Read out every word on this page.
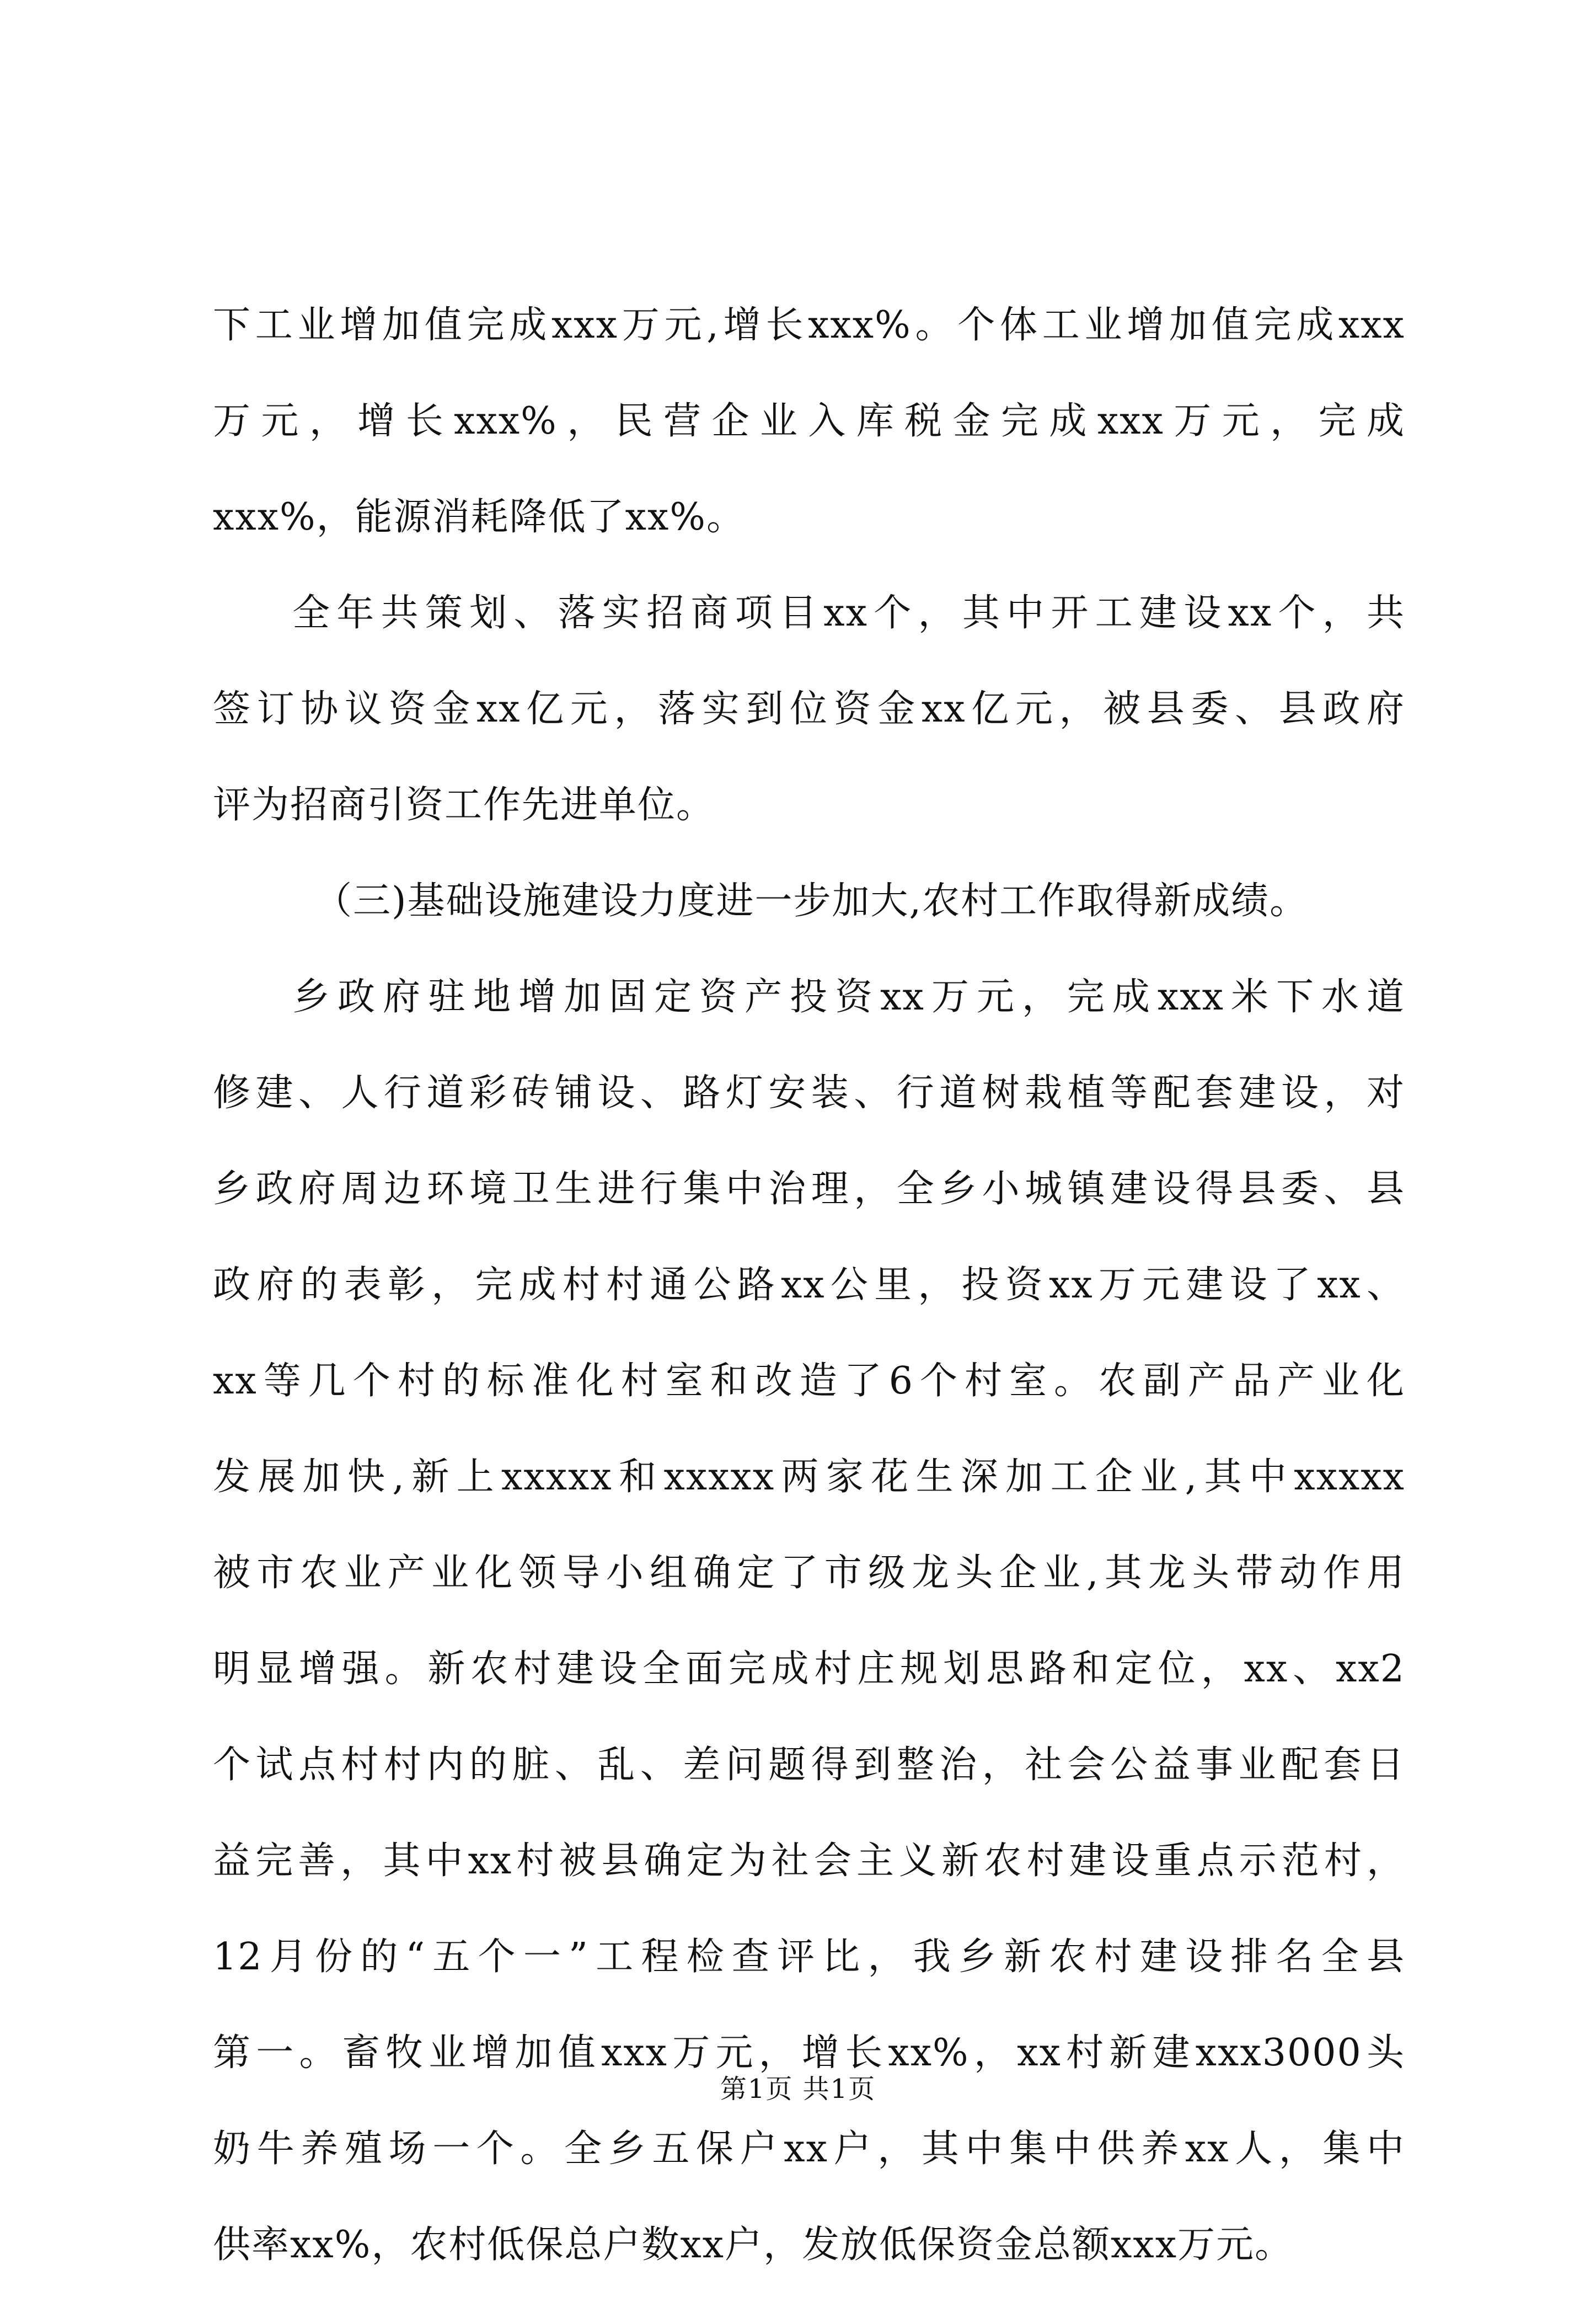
下工业增加值完成xxx万元,增长xxx%。个体工业增加值完成xxx
万元，增长xxx%，民营企业入库税金完成xxx万元，完成
xxx%，能源消耗降低了xx%。
全年共策划、落实招商项目xx个，其中开工建设xx个，共
签订协议资金xx亿元，落实到位资金xx亿元，被县委、县政府
评为招商引资工作先进单位。
（三)基础设施建设力度进一步加大,农村工作取得新成绩。
乡政府驻地增加固定资产投资xx万元，完成xxx米下水道
修建、人行道彩砖铺设、路灯安装、行道树栽植等配套建设，对
乡政府周边环境卫生进行集中治理，全乡小城镇建设得县委、县
政府的表彰，完成村村通公路xx公里，投资xx万元建设了xx、
xx等几个村的标准化村室和改造了6个村室。农副产品产业化
发展加快,新上xxxxx和xxxxx两家花生深加工企业,其中xxxxx
被市农业产业化领导小组确定了市级龙头企业,其龙头带动作用
明显增强。新农村建设全面完成村庄规划思路和定位，xx、xx2
个试点村村内的脏、乱、差问题得到整治，社会公益事业配套日
益完善，其中xx村被县确定为社会主义新农村建设重点示范村，
12月份的“五个一”工程检查评比，我乡新农村建设排名全县
第一。畜牧业增加值xxx万元，增长xx%，xx村新建xxx3000头
奶牛养殖场一个。全乡五保户xx户，其中集中供养xx人，集中
供率xx%，农村低保总户数xx户，发放低保资金总额xxx万元。
第1页 共1页
